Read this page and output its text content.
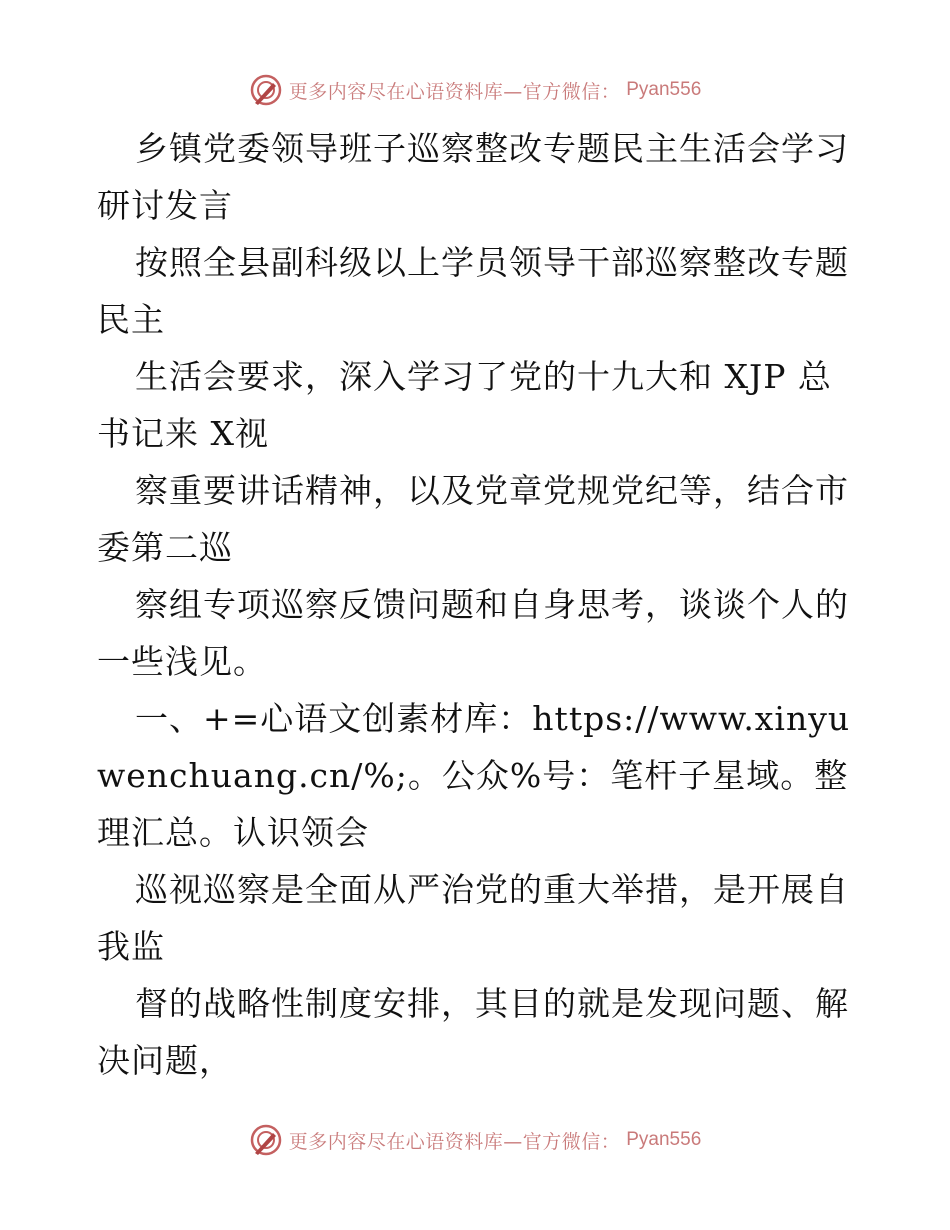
更多内容尽在心语资料库—官方微信： Pyan556

乡镇党委领导班子巡察整改专题民主生活会学习研讨发言

按照全县副科级以上学员领导干部巡察整改专题民主

生活会要求，深入学习了党的十九大和 XJP 总书记来 X视

察重要讲话精神，以及党章党规党纪等，结合市委第二巡

察组专项巡察反馈问题和自身思考，谈谈个人的一些浅见。

一、+=心语文创素材库：https://www.xinyuwenchuang.cn/%;。公众%号：笔杆子星域。整理汇总。认识领会

巡视巡察是全面从严治党的重大举措，是开展自我监

督的战略性制度安排，其目的就是发现问题、解决问题，

更多内容尽在心语资料库—官方微信： Pyan556
